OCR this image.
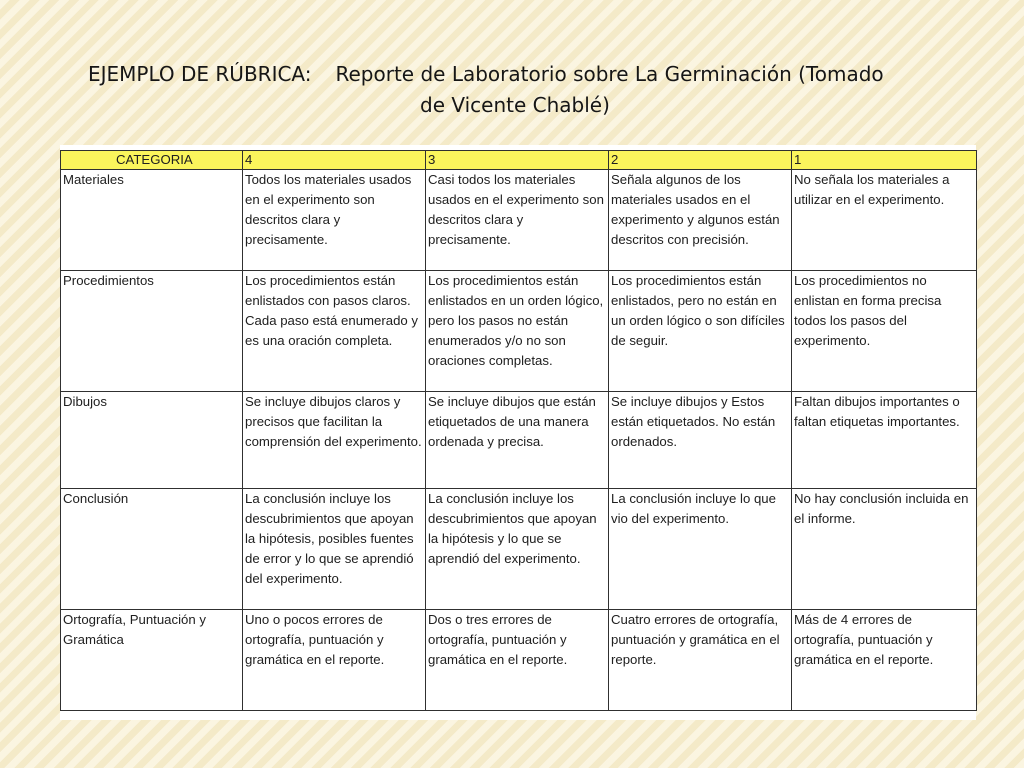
EJEMPLO DE RÚBRICA: Reporte de Laboratorio sobre La Germinación (Tomado
de Vicente Chablé)
CATEGORIA	4	3	2	1
Materiales	Todos los materiales usados en el experimento son descritos clara y precisamente.	Casi todos los materiales usados en el experimento son descritos clara y precisamente.	Señala algunos de los materiales usados en el experimento y algunos están descritos con precisión.	No señala los materiales a utilizar en el experimento.
Procedimientos	Los procedimientos están enlistados con pasos claros. Cada paso está enumerado y es una oración completa.	Los procedimientos están enlistados en un orden lógico, pero los pasos no están enumerados y/o no son oraciones completas.	Los procedimientos están enlistados, pero no están en un orden lógico o son difíciles de seguir.	Los procedimientos no enlistan en forma precisa todos los pasos del experimento.
Dibujos	Se incluye dibujos claros y precisos que facilitan la comprensión del experimento.	Se incluye dibujos que están etiquetados de una manera ordenada y precisa.	Se incluye dibujos y Estos están etiquetados. No están ordenados.	Faltan dibujos importantes o faltan etiquetas importantes.
Conclusión	La conclusión incluye los descubrimientos que apoyan la hipótesis, posibles fuentes de error y lo que se aprendió del experimento.	La conclusión incluye los descubrimientos que apoyan la hipótesis y lo que se aprendió del experimento.	La conclusión incluye lo que vio del experimento.	No hay conclusión incluida en el informe.
Ortografía, Puntuación y Gramática	Uno o pocos errores de ortografía, puntuación y gramática en el reporte.	Dos o tres errores de ortografía, puntuación y gramática en el reporte.	Cuatro errores de ortografía, puntuación y gramática en el reporte.	Más de 4 errores de ortografía, puntuación y gramática en el reporte.
